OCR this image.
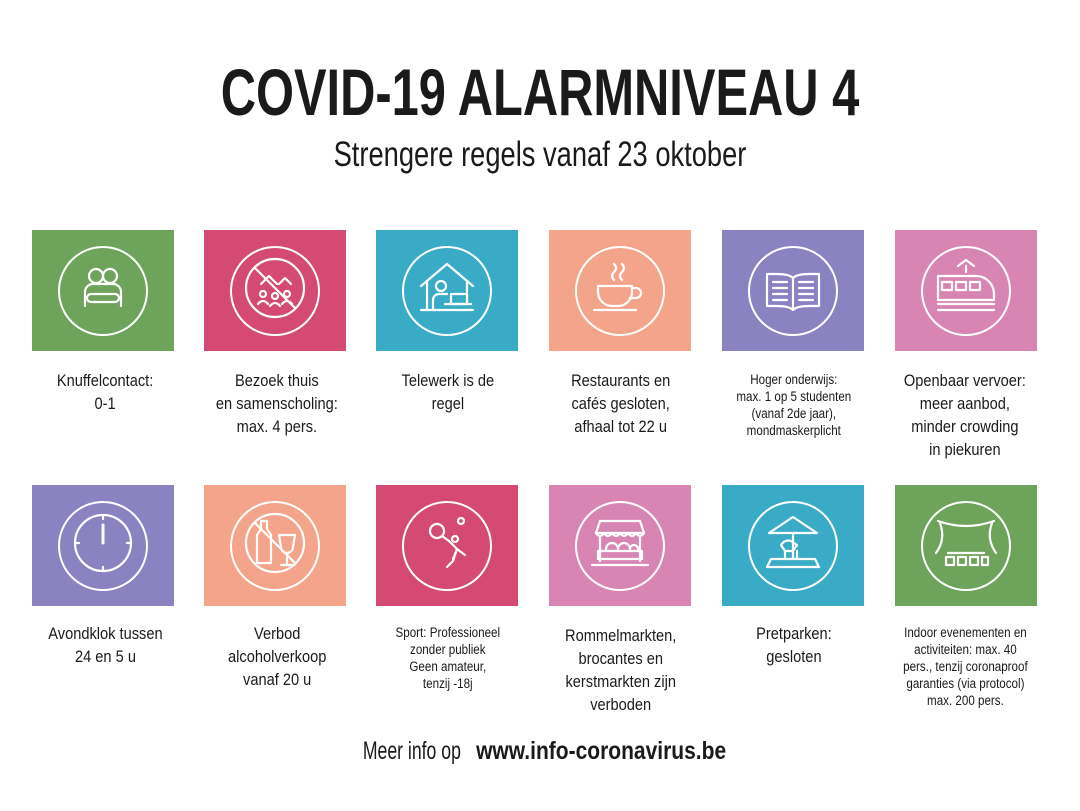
COVID-19 ALARMNIVEAU 4
Strengere regels vanaf 23 oktober
Knuffelcontact:
0-1
Bezoek thuis
en samenscholing:
max. 4 pers.
Telewerk is de
regel
Restaurants en
cafés gesloten,
afhaal tot 22 u
Hoger onderwijs:
max. 1 op 5 studenten
(vanaf 2de jaar),
mondmaskerplicht
Openbaar vervoer:
meer aanbod,
minder crowding
in piekuren
Avondklok tussen
24 en 5 u
Verbod
alcoholverkoop
vanaf 20 u
Sport: Professioneel
zonder publiek
Geen amateur,
tenzij -18j
Rommelmarkten,
brocantes en
kerstmarkten zijn
verboden
Pretparken:
gesloten
Indoor evenementen en
activiteiten: max. 40
pers., tenzij coronaproof
garanties (via protocol)
max. 200 pers.
Meer info op www.info-coronavirus.be
